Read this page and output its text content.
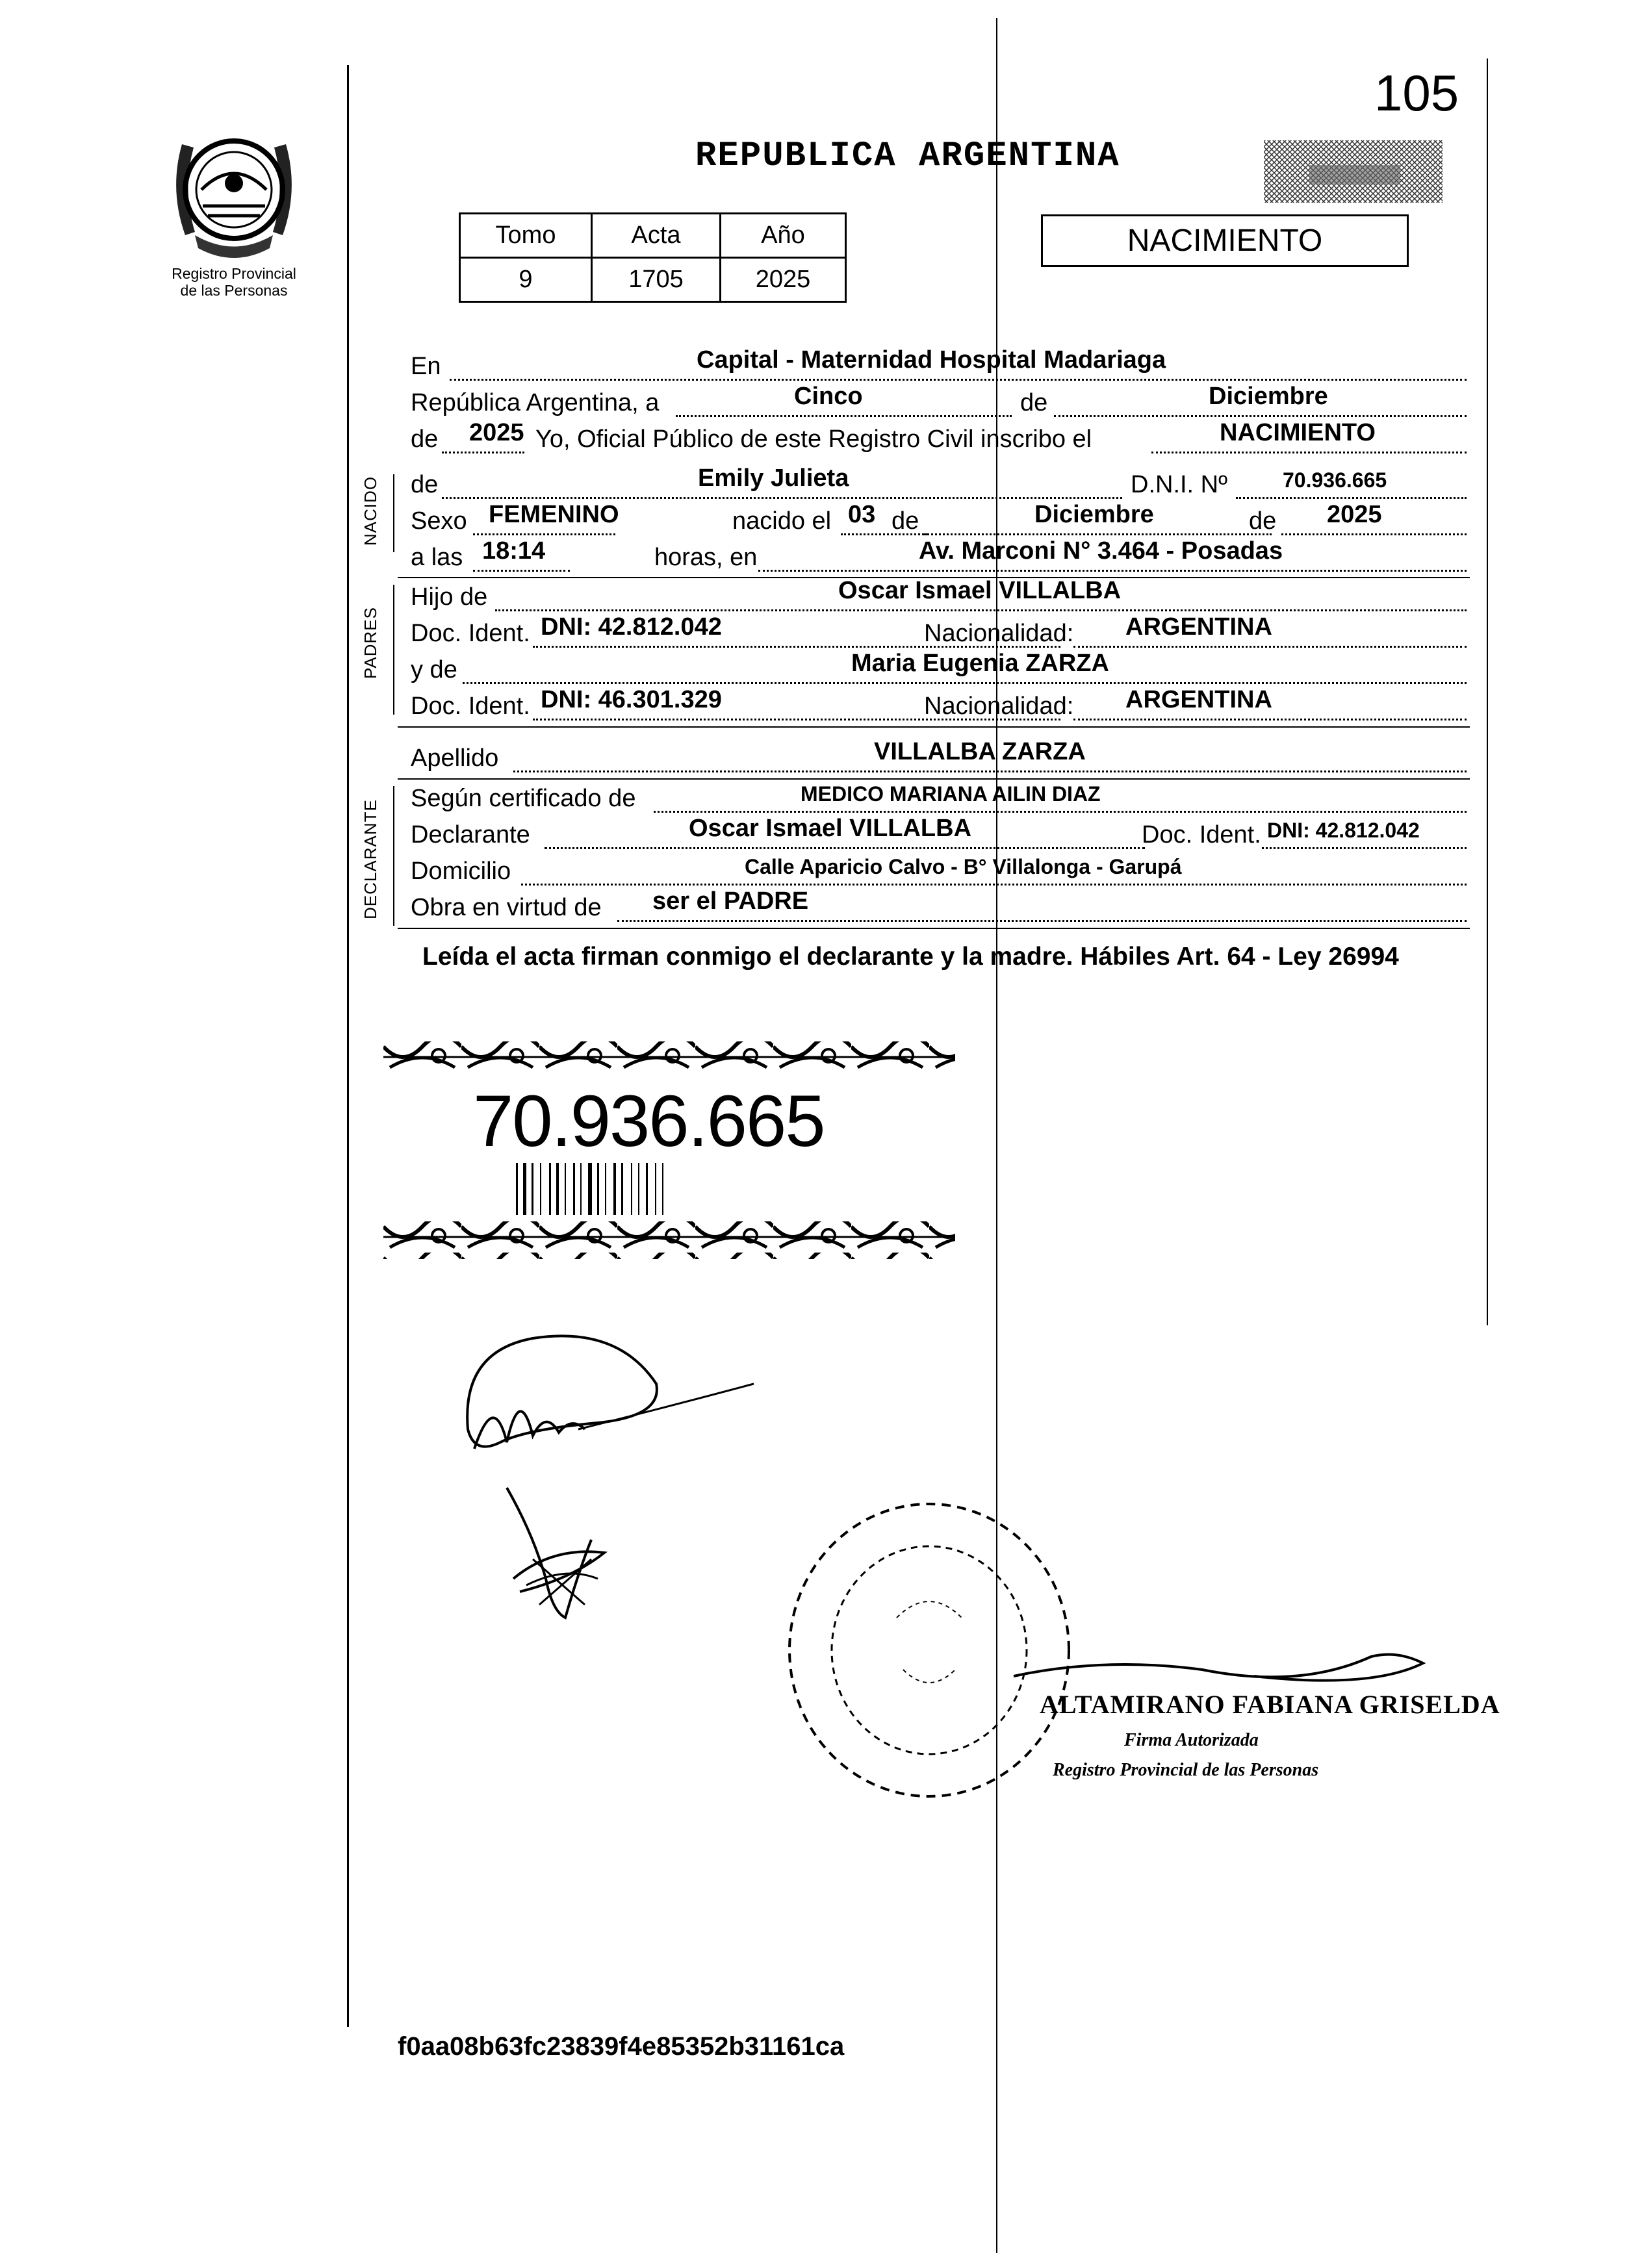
105
Registro Provincial
de las Personas
REPUBLICA ARGENTINA
Tomo	Acta	Año
9	1705	2025
NACIMIENTO
En	Capital - Maternidad Hospital Madariaga
República Argentina, a	Cinco	de	Diciembre
de 2025 Yo, Oficial Público de este Registro Civil inscribo el	NACIMIENTO
NACIDO de	Emily Julieta	D.N.I. Nº	70.936.665
Sexo FEMENINO	nacido el 03 de	Diciembre	de 2025
a las 18:14	horas, en	Av. Marconi N° 3.464 - Posadas
PADRES
Hijo de	Oscar Ismael VILLALBA
Doc. Ident. DNI: 42.812.042	Nacionalidad: ARGENTINA
y de	Maria Eugenia ZARZA
Doc. Ident. DNI: 46.301.329	Nacionalidad: ARGENTINA
Apellido	VILLALBA ZARZA
DECLARANTE
Según certificado de	MEDICO MARIANA AILIN DIAZ
Declarante	Oscar Ismael VILLALBA	Doc. Ident. DNI: 42.812.042
Domicilio	Calle Aparicio Calvo - B° Villalonga - Garupá
Obra en virtud de ser el PADRE
Leída el acta firman conmigo el declarante y la madre. Hábiles Art. 64 - Ley 26994
70.936.665
ALTAMIRANO FABIANA GRISELDA
Firma Autorizada
Registro Provincial de las Personas
f0aa08b63fc23839f4e85352b31161ca
